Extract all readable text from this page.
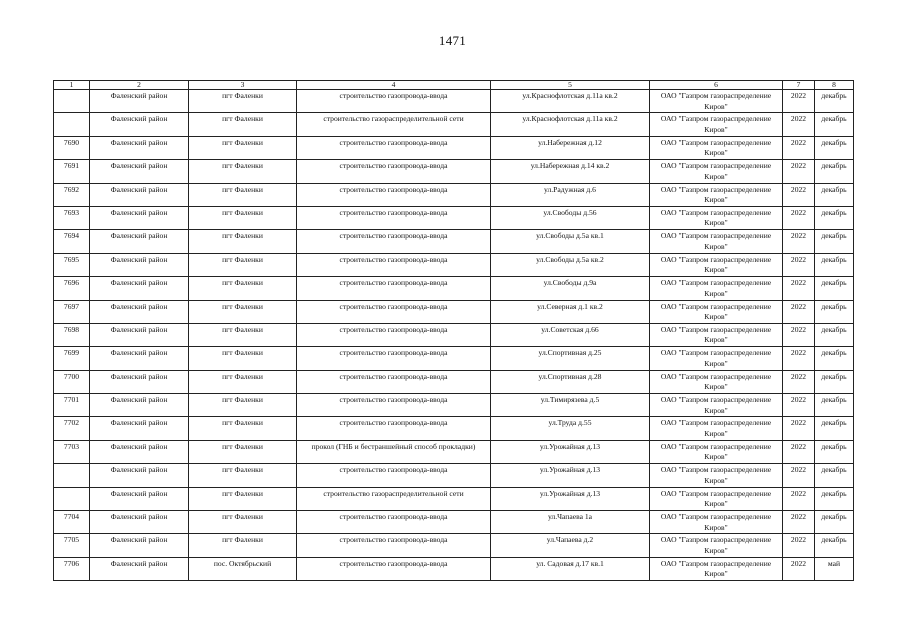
1471
1	2	3	4	5	6	7	8
	Фаленский район	пгт Фаленки	строительство газопровода-ввода	ул.Краснофлотская д.11а кв.2	ОАО "Газпром газораспределение Киров"	2022	декабрь
	Фаленский район	пгт Фаленки	строительство газораспределительной сети	ул.Краснофлотская д.11а кв.2	ОАО "Газпром газораспределение Киров"	2022	декабрь
7690	Фаленский район	пгт Фаленки	строительство газопровода-ввода	ул.Набережная д.12	ОАО "Газпром газораспределение Киров"	2022	декабрь
7691	Фаленский район	пгт Фаленки	строительство газопровода-ввода	ул.Набережная д.14 кв.2	ОАО "Газпром газораспределение Киров"	2022	декабрь
7692	Фаленский район	пгт Фаленки	строительство газопровода-ввода	ул.Радужная д.6	ОАО "Газпром газораспределение Киров"	2022	декабрь
7693	Фаленский район	пгт Фаленки	строительство газопровода-ввода	ул.Свободы д.56	ОАО "Газпром газораспределение Киров"	2022	декабрь
7694	Фаленский район	пгт Фаленки	строительство газопровода-ввода	ул.Свободы д.5а кв.1	ОАО "Газпром газораспределение Киров"	2022	декабрь
7695	Фаленский район	пгт Фаленки	строительство газопровода-ввода	ул.Свободы д.5а кв.2	ОАО "Газпром газораспределение Киров"	2022	декабрь
7696	Фаленский район	пгт Фаленки	строительство газопровода-ввода	ул.Свободы д.9а	ОАО "Газпром газораспределение Киров"	2022	декабрь
7697	Фаленский район	пгт Фаленки	строительство газопровода-ввода	ул.Северная д.1 кв.2	ОАО "Газпром газораспределение Киров"	2022	декабрь
7698	Фаленский район	пгт Фаленки	строительство газопровода-ввода	ул.Советская д.66	ОАО "Газпром газораспределение Киров"	2022	декабрь
7699	Фаленский район	пгт Фаленки	строительство газопровода-ввода	ул.Спортивная д.25	ОАО "Газпром газораспределение Киров"	2022	декабрь
7700	Фаленский район	пгт Фаленки	строительство газопровода-ввода	ул.Спортивная д.28	ОАО "Газпром газораспределение Киров"	2022	декабрь
7701	Фаленский район	пгт Фаленки	строительство газопровода-ввода	ул.Тимирязева д.5	ОАО "Газпром газораспределение Киров"	2022	декабрь
7702	Фаленский район	пгт Фаленки	строительство газопровода-ввода	ул.Труда д.55	ОАО "Газпром газораспределение Киров"	2022	декабрь
7703	Фаленский район	пгт Фаленки	прокол (ГНБ и бестраншейный способ прокладки)	ул.Урожайная д.13	ОАО "Газпром газораспределение Киров"	2022	декабрь
	Фаленский район	пгт Фаленки	строительство газопровода-ввода	ул.Урожайная д.13	ОАО "Газпром газораспределение Киров"	2022	декабрь
	Фаленский район	пгт Фаленки	строительство газораспределительной сети	ул.Урожайная д.13	ОАО "Газпром газораспределение Киров"	2022	декабрь
7704	Фаленский район	пгт Фаленки	строительство газопровода-ввода	ул.Чапаева 1а	ОАО "Газпром газораспределение Киров"	2022	декабрь
7705	Фаленский район	пгт Фаленки	строительство газопровода-ввода	ул.Чапаева д.2	ОАО "Газпром газораспределение Киров"	2022	декабрь
7706	Фаленский район	пос. Октябрьский	строительство газопровода-ввода	ул. Садовая д.17 кв.1	ОАО "Газпром газораспределение Киров"	2022	май
